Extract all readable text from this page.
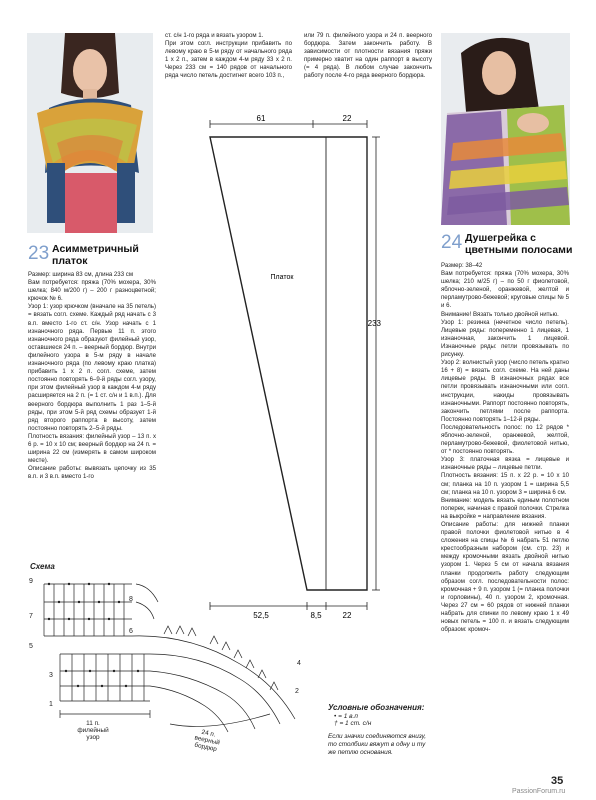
ст. с/н 1-го ряда и вязать узором 1.
При этом согл. инструкции прибавить по левому краю в 5-м ряду от начального ряда 1 х 2 п., затем в каждом 4-м ряду 33 х 2 п. Через 233 см = 140 рядов от начального ряда число петель достигнет всего 103 п.,
или 79 п. филейного узора и 24 п. веерного бордюра. Затем закончить работу. В зависимости от плотности вязания пряжи примерно хватит на один раппорт в высоту (= 4 ряда). В любом случае закончить работу после 4-го ряда веерного бордюра.
23 Асимметричный
платок
Размер: ширина 83 см, длина 233 см
Вам потребуется: пряжа (70% мохера, 30% шелка; 840 м/200 г) – 200 г разноцветной; крючок № 6.
Узор 1: узор крючком (вначале на 35 петель) = вязать согл. схеме. Каждый ряд начать с 3 в.п. вместо 1-го ст. с/н. Узор начать с 1 изнаночного ряда. Первые 11 п. этого изнаночного ряда образуют филейный узор, оставшиеся 24 п. – веерный бордюр. Внутри филейного узора в 5-м ряду в начале изнаночного ряда (по левому краю платка) прибавить 1 х 2 п. согл. схеме, затем постоянно повторять 6–9-й ряды согл. узору, при этом филейный узор в каждом 4-м ряду расширяется на 2 п. (= 1 ст. с/н и 1 в.п.). Для веерного бордюра выполнить 1 раз 1–5-й ряды, при этом 5-й ряд схемы образует 1-й ряд второго раппорта в высоту, затем постоянно повторять 2–5-й ряды.
Плотность вязания: филейный узор – 13 п. х 6 р. = 10 х 10 см; веерный бордюр на 24 п. = ширина 22 см (измерять в самом широком месте).
Описание работы: вывязать цепочку из 35 в.п. и 3 в.п. вместо 1-го
24 Душегрейка с
цветными полосами
Размер: 38–42
Вам потребуется: пряжа (70% мохера, 30% шелка; 210 м/25 г) – по 50 г фиолетовой, яблочно-зеленой, оранжевой, желтой и перламутрово-бежевой; круговые спицы № 5 и 6.
Внимание! Вязать только двойной нитью.
Узор 1: резинка (нечетное число петель). Лицевые ряды: попеременно 1 лицевая, 1 изнаночная, закончить 1 лицевой. Изнаночные ряды: петли провязывать по рисунку.
Узор 2: волнистый узор (число петель кратно 16 + 8) = вязать согл. схеме. На ней даны лицевые ряды. В изнаночных рядах все петли провязывать изнаночными или согл. инструкции, накиды провязывать изнаночными. Раппорт постоянно повторять, закончить петлями после раппорта. Постоянно повторять 1–12-й ряды.
Последовательность полос: по 12 рядов * яблочно-зеленой, оранжевой, желтой, перламутрово-бежевой, фиолетовой нитью, от * постоянно повторять.
Узор 3: платочная вязка = лицевые и изнаночные ряды – лицевые петли.
Плотность вязания: 15 п. х 22 р. = 10 х 10 см; планка на 10 п. узором 1 = ширина 5,5 см; планка на 10 п. узором 3 = ширина 6 см.
Внимание: модель вязать единым полотном поперек, начиная с правой полочки. Стрелка на выкройке = направление вязания.
Описание работы: для нижней планки правой полочки фиолетовой нитью в 4 сложения на спицы № 6 набрать 51 петлю крестообразным набором (см. стр. 23) и между кромочными вязать двойной нитью узором 1. Через 5 см от начала вязания планки продолжить работу следующим образом согл. последовательности полос: кромочная + 9 п. узором 1 (= планка полочки и горловины), 40 п. узором 2, кромочная. Через 27 см = 60 рядов от нижней планки набрать для спинки по левому краю 1 х 49 новых петель = 100 п. и вязать следующим образом: кромоч-
61	22
Платок
233
52,5	8,5	22
Схема
9
8
7
6
5
4
3
2
1
11 п.
филейный
узор	24 п.
веерный
бордюр
Условные обозначения:
• = 1 в.п
† = 1 ст. с/н
Если значки соединяются внизу, то столбики вяжут в одну и ту же петлю основания.
35
PassionForum.ru
